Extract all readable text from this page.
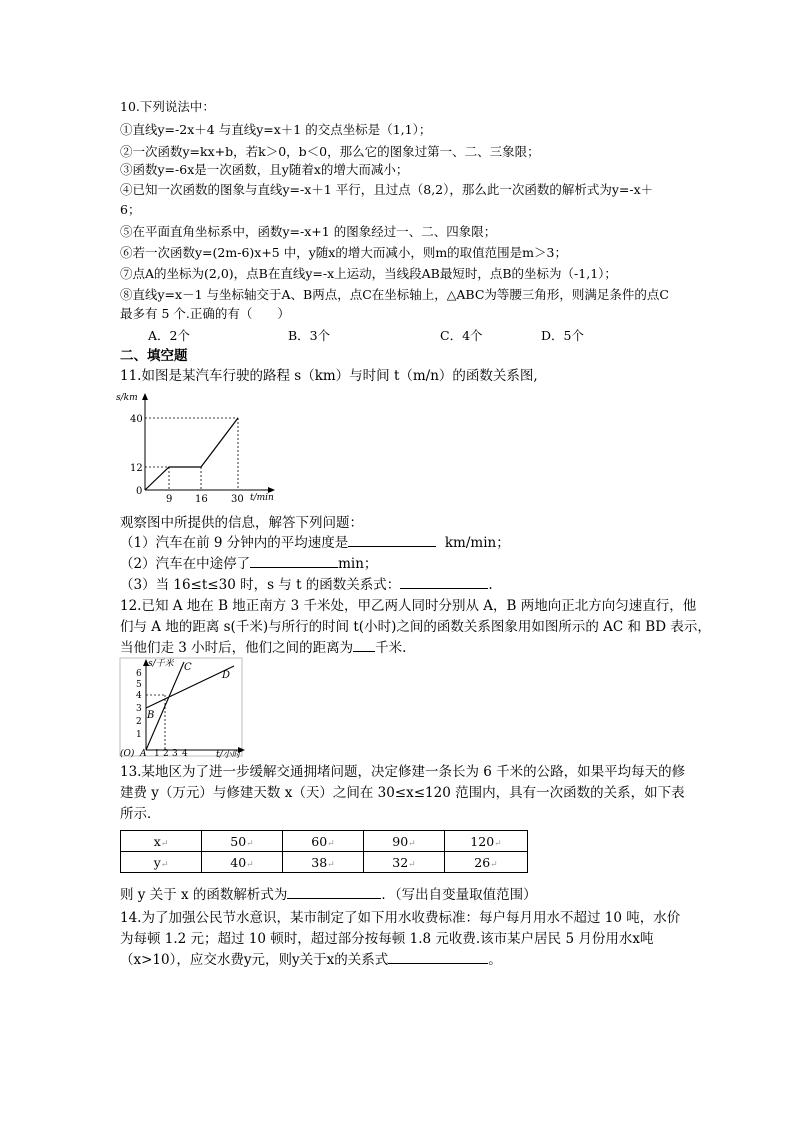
10.下列说法中：
①直线y=-2x＋4 与直线y=x＋1 的交点坐标是（1,1）；
②一次函数y=kx+b，若k＞0，b＜0，那么它的图象过第一、二、三象限；
③函数y=-6x是一次函数，且y随着x的增大而减小；
④已知一次函数的图象与直线y=-x＋1 平行，且过点（8,2），那么此一次函数的解析式为y=-x＋
6；
⑤在平面直角坐标系中，函数y=-x+1 的图象经过一、二、四象限；
⑥若一次函数y=(2m-6)x+5 中，y随x的增大而减小，则m的取值范围是m＞3；
⑦点A的坐标为(2,0)，点B在直线y=-x上运动，当线段AB最短时，点B的坐标为（-1,1）；
⑧直线y=x－1 与坐标轴交于A、B两点，点C在坐标轴上，△ABC为等腰三角形，则满足条件的点C
最多有 5 个.正确的有（　　）
A．2个	B．3个	C．4个	D．5个
二、填空题
11.如图是某汽车行驶的路程 s（km）与时间 t（m/n）的函数关系图,
s/km
40
12
0
9 16 30 t/min
观察图中所提供的信息，解答下列问题：
（1）汽车在前 9 分钟内的平均速度是	km/min；
（2）汽车在中途停了	min；
（3）当 16≤t≤30 时，s 与 t 的函数关系式：	.
12.已知 A 地在 B 地正南方 3 千米处，甲乙两人同时分别从 A，B 两地向正北方向匀速直行，他
们与 A 地的距离 s(千米)与所行的时间 t(小时)之间的函数关系图象用如图所示的 AC 和 BD 表示，
当他们走 3 小时后，他们之间的距离为 千米.
s/千米
6
5
4
3
2
1
B
C
D
(O) A 1 2 3 4	t/小时
13.某地区为了进一步缓解交通拥堵问题，决定修建一条长为 6 千米的公路，如果平均每天的修
建费 y（万元）与修建天数 x（天）之间在 30≤x≤120 范围内，具有一次函数的关系，如下表
所示．
x↵	50↵	60↵	90↵	120↵
y↵	40↵	38↵	32↵	26↵
则 y 关于 x 的函数解析式为	．（写出自变量取值范围）
14.为了加强公民节水意识，某市制定了如下用水收费标准：每户每月用水不超过 10 吨，水价
为每顿 1.2 元；超过 10 顿时，超过部分按每顿 1.8 元收费.该市某户居民 5 月份用水x吨
（x>10），应交水费y元，则y关于x的关系式	。
